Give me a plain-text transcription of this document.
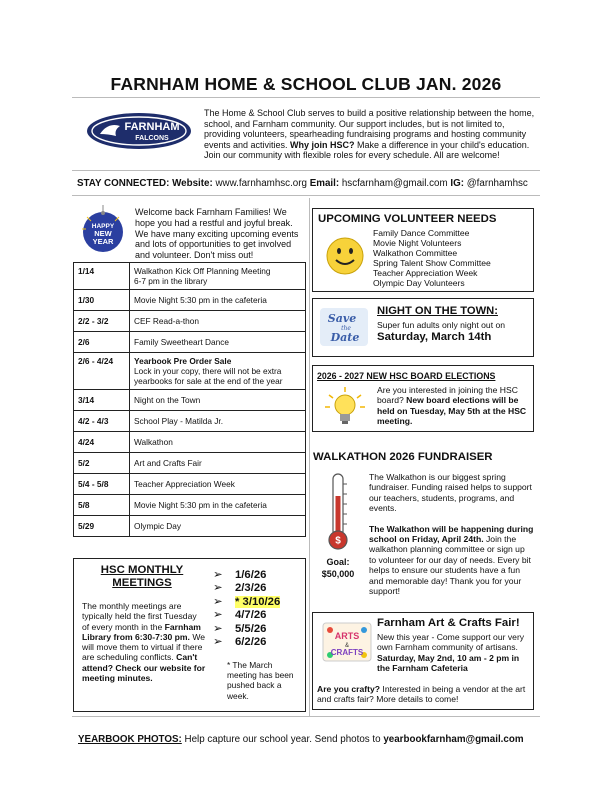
FARNHAM HOME & SCHOOL CLUB JAN. 2026
FARNHAM
FALCONS
The Home & School Club serves to build a positive relationship between the home, school, and Farnham community. Our support includes, but is not limited to, providing volunteers, spearheading fundraising programs and hosting community events and activities. Why join HSC? Make a difference in your child's education. Join our community with flexible roles for every schedule. All are welcome!
STAY CONNECTED: Website: www.farnhamhsc.org Email: hscfarnham@gmail.com IG: @farnhamhsc
HAPPY
NEW
YEAR
Welcome back Farnham Families! We hope you had a restful and joyful break. We have many exciting upcoming events and lots of opportunities to get involved and volunteer. Don't miss out!
1/14	Walkathon Kick Off Planning Meeting
6-7 pm in the library

1/30	Movie Night 5:30 pm in the cafeteria

2/2 - 3/2	CEF Read-a-thon

2/6	Family Sweetheart Dance

2/6 - 4/24	Yearbook Pre Order Sale
Lock in your copy, there will not be extra yearbooks for sale at the end of the year

3/14	Night on the Town

4/2 - 4/3	School Play - Matilda Jr.

4/24	Walkathon

5/2	Art and Crafts Fair

5/4 - 5/8	Teacher Appreciation Week

5/8	Movie Night 5:30 pm in the cafeteria

5/29	Olympic Day
HSC MONTHLY
MEETINGS
The monthly meetings are typically held the first Tuesday of every month in the Farnham Library from 6:30-7:30 pm. We will move them to virtual if there are scheduling conflicts. Can't attend? Check our website for meeting minutes.
➢ 1/6/26
➢ 2/3/26
➢ * 3/10/26
➢ 4/7/26
➢ 5/5/26
➢ 6/2/26
* The March meeting has been pushed back a week.
UPCOMING VOLUNTEER NEEDS
Family Dance Committee
Movie Night Volunteers
Walkathon Committee
Spring Talent Show Committee
Teacher Appreciation Week
Olympic Day Volunteers
Save
the
Date
NIGHT ON THE TOWN:
Super fun adults only night out on
Saturday, March 14th
2026 - 2027 NEW HSC BOARD ELECTIONS
Are you interested in joining the HSC board? New board elections will be held on Tuesday, May 5th at the HSC meeting.
WALKATHON 2026 FUNDRAISER
$
Goal:
$50,000
The Walkathon is our biggest spring fundraiser. Funding raised helps to support our teachers, students, programs, and events.
The Walkathon will be happening during school on Friday, April 24th. Join the walkathon planning committee or sign up to volunteer for our day of needs. Every bit helps to ensure our students have a fun and memorable day! Thank you for your support!
ARTS
&
CRAFTS
Farnham Art & Crafts Fair!
New this year - Come support our very own Farnham community of artisans. Saturday, May 2nd, 10 am - 2 pm in the Farnham Cafeteria
Are you crafty? Interested in being a vendor at the art and crafts fair? More details to come!
YEARBOOK PHOTOS: Help capture our school year. Send photos to yearbookfarnham@gmail.com
